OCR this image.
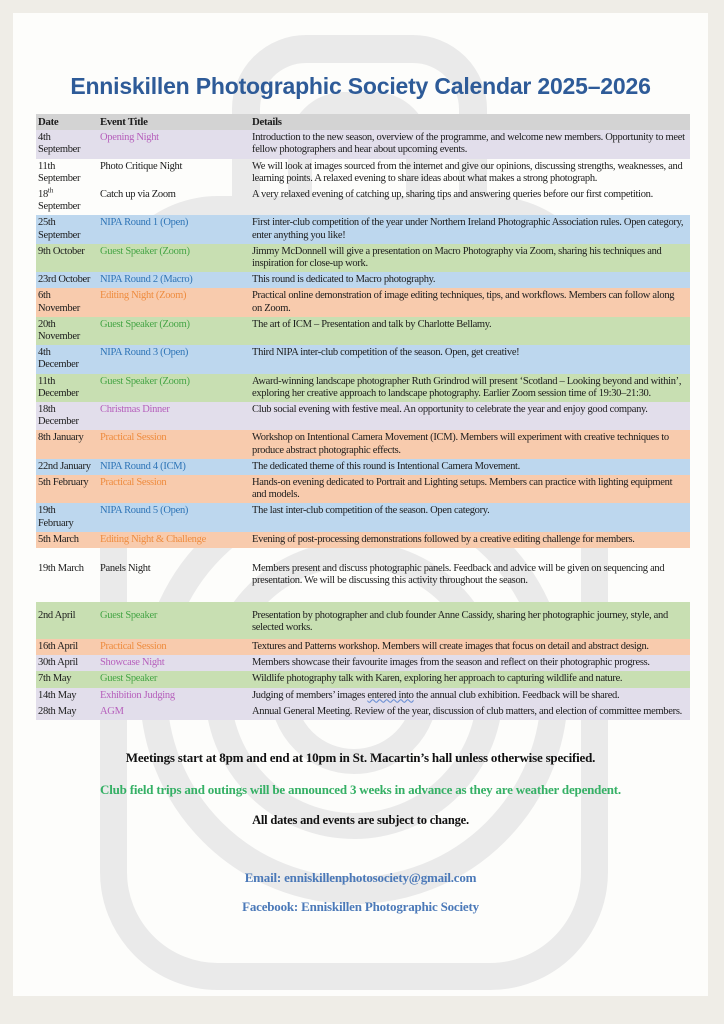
Enniskillen Photographic Society Calendar 2025–2026
Date	Event Title	Details
4th September	Opening Night	Introduction to the new season, overview of the programme, and welcome new members. Opportunity to meet fellow photographers and hear about upcoming events.
11th September	Photo Critique Night	We will look at images sourced from the internet and give our opinions, discussing strengths, weaknesses, and learning points. A relaxed evening to share ideas about what makes a strong photograph.
18th September	Catch up via Zoom	A very relaxed evening of catching up, sharing tips and answering queries before our first competition.
25th September	NIPA Round 1 (Open)	First inter-club competition of the year under Northern Ireland Photographic Association rules. Open category, enter anything you like!
9th October	Guest Speaker (Zoom)	Jimmy McDonnell will give a presentation on Macro Photography via Zoom, sharing his techniques and inspiration for close-up work.
23rd October	NIPA Round 2 (Macro)	This round is dedicated to Macro photography.
6th November	Editing Night (Zoom)	Practical online demonstration of image editing techniques, tips, and workflows. Members can follow along on Zoom.
20th November	Guest Speaker (Zoom)	The art of ICM – Presentation and talk by Charlotte Bellamy.
4th December	NIPA Round 3 (Open)	Third NIPA inter-club competition of the season. Open, get creative!
11th December	Guest Speaker (Zoom)	Award-winning landscape photographer Ruth Grindrod will present ‘Scotland – Looking beyond and within’, exploring her creative approach to landscape photography. Earlier Zoom session time of 19:30–21:30.
18th December	Christmas Dinner	Club social evening with festive meal. An opportunity to celebrate the year and enjoy good company.
8th January	Practical Session	Workshop on Intentional Camera Movement (ICM). Members will experiment with creative techniques to produce abstract photographic effects.
22nd January	NIPA Round 4 (ICM)	The dedicated theme of this round is Intentional Camera Movement.
5th February	Practical Session	Hands-on evening dedicated to Portrait and Lighting setups. Members can practice with lighting equipment and models.
19th February	NIPA Round 5 (Open)	The last inter-club competition of the season. Open category.
5th March	Editing Night & Challenge	Evening of post-processing demonstrations followed by a creative editing challenge for members.

19th March	Panels Night	Members present and discuss photographic panels. Feedback and advice will be given on sequencing and presentation. We will be discussing this activity throughout the season.

2nd April	Guest Speaker	Presentation by photographer and club founder Anne Cassidy, sharing her photographic journey, style, and selected works.
16th April	Practical Session	Textures and Patterns workshop. Members will create images that focus on detail and abstract design.
30th April	Showcase Night	Members showcase their favourite images from the season and reflect on their photographic progress.
7th May	Guest Speaker	Wildlife photography talk with Karen, exploring her approach to capturing wildlife and nature.
14th May	Exhibition Judging	Judging of members’ images entered into the annual club exhibition. Feedback will be shared.
28th May	AGM	Annual General Meeting. Review of the year, discussion of club matters, and election of committee members.
Meetings start at 8pm and end at 10pm in St. Macartin’s hall unless otherwise specified.
Club field trips and outings will be announced 3 weeks in advance as they are weather dependent.
All dates and events are subject to change.
Email: enniskillenphotosociety@gmail.com
Facebook: Enniskillen Photographic Society
